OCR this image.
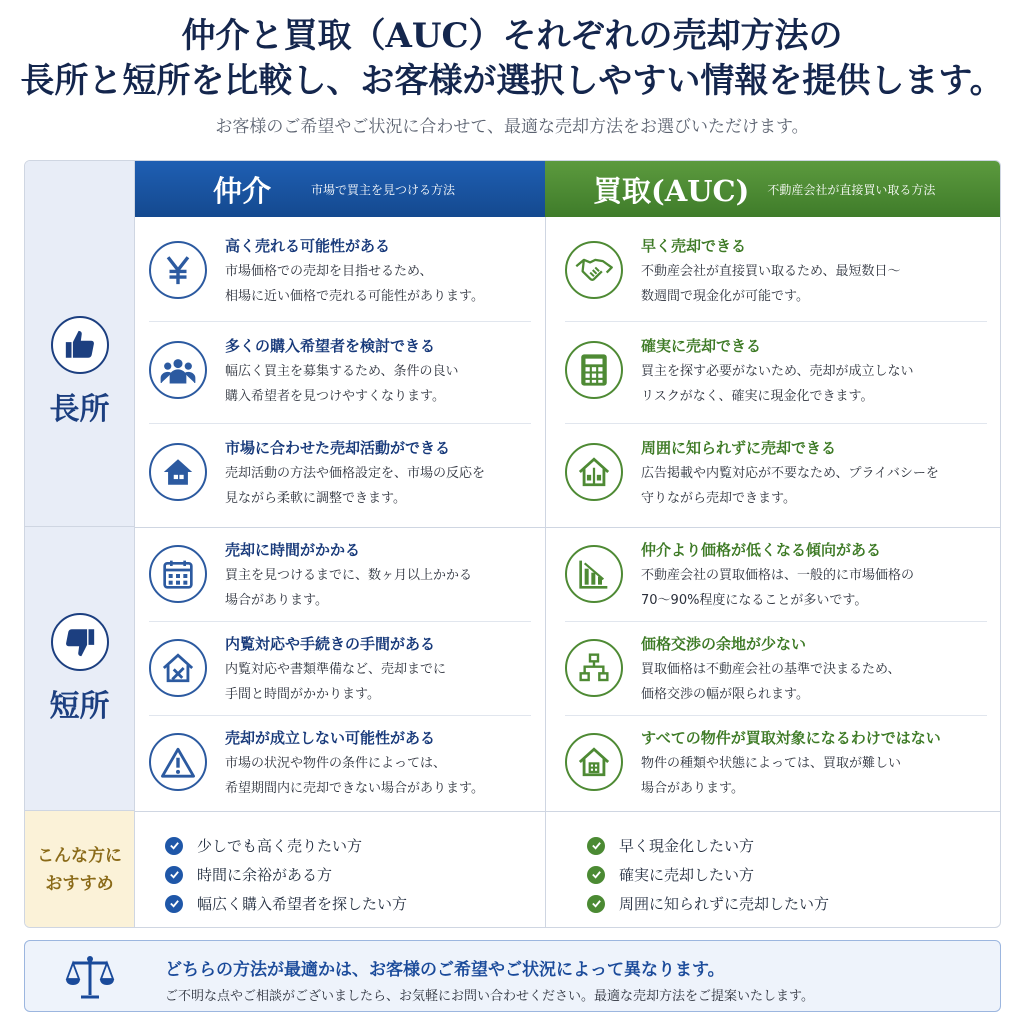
仲介と買取（AUC）それぞれの売却方法の
長所と短所を比較し、お客様が選択しやすい情報を提供します。
お客様のご希望やご状況に合わせて、最適な売却方法をお選びいただけます。
仲介	市場で買主を見つける方法	買取(AUC) 不動産会社が直接買い取る方法
長所
短所
こんな方に
おすすめ
高く売れる可能性がある
市場価格での売却を目指せるため、
相場に近い価格で売れる可能性があります。
多くの購入希望者を検討できる
幅広く買主を募集するため、条件の良い
購入希望者を見つけやすくなります。
市場に合わせた売却活動ができる
売却活動の方法や価格設定を、市場の反応を
見ながら柔軟に調整できます。
早く売却できる
不動産会社が直接買い取るため、最短数日〜
数週間で現金化が可能です。
確実に売却できる
買主を探す必要がないため、売却が成立しない
リスクがなく、確実に現金化できます。
周囲に知られずに売却できる
広告掲載や内覧対応が不要なため、プライバシーを
守りながら売却できます。
売却に時間がかかる
買主を見つけるまでに、数ヶ月以上かかる
場合があります。
内覧対応や手続きの手間がある
内覧対応や書類準備など、売却までに
手間と時間がかかります。
売却が成立しない可能性がある
市場の状況や物件の条件によっては、
希望期間内に売却できない場合があります。
仲介より価格が低くなる傾向がある
不動産会社の買取価格は、一般的に市場価格の
70〜90%程度になることが多いです。
価格交渉の余地が少ない
買取価格は不動産会社の基準で決まるため、
価格交渉の幅が限られます。
すべての物件が買取対象になるわけではない
物件の種類や状態によっては、買取が難しい
場合があります。
少しでも高く売りたい方
時間に余裕がある方
幅広く購入希望者を探したい方
早く現金化したい方
確実に売却したい方
周囲に知られずに売却したい方
どちらの方法が最適かは、お客様のご希望やご状況によって異なります。
ご不明な点やご相談がございましたら、お気軽にお問い合わせください。最適な売却方法をご提案いたします。
